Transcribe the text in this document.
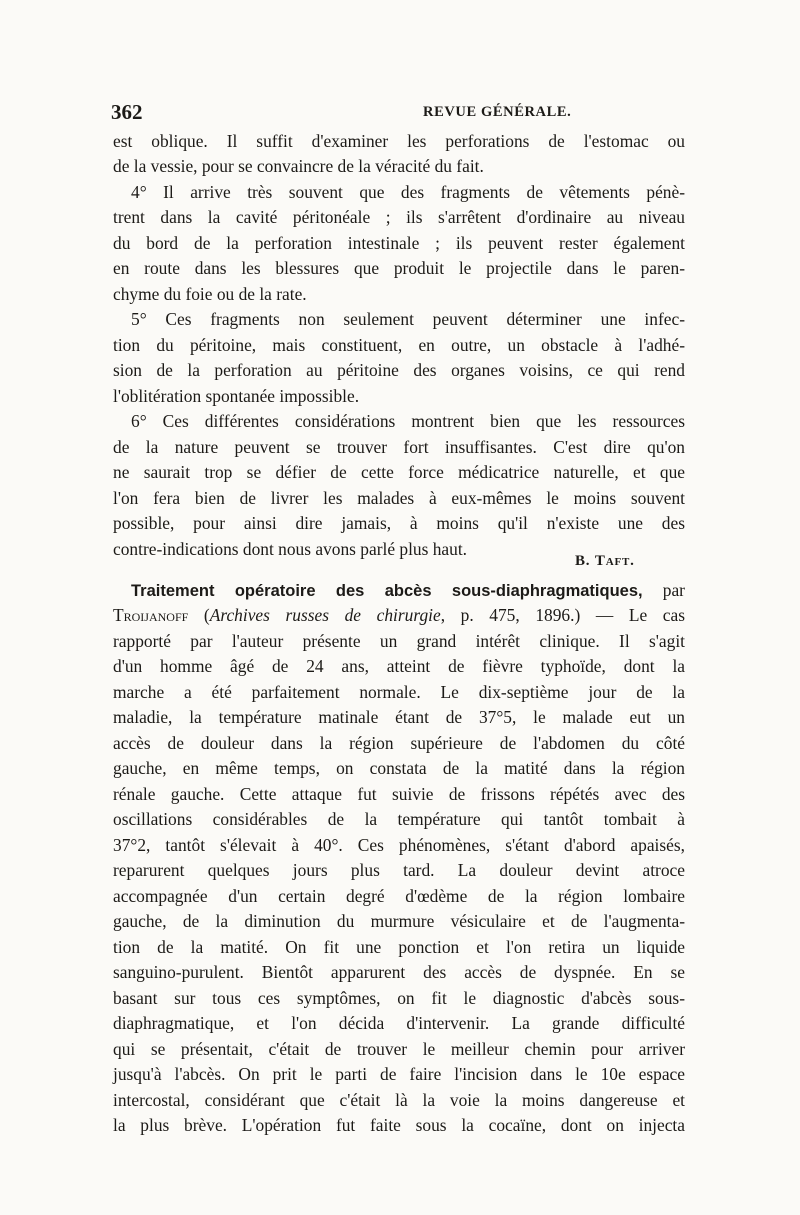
362	REVUE GÉNÉRALE.
est oblique. Il suffit d'examiner les perforations de l'estomac ou
de la vessie, pour se convaincre de la véracité du fait.
4° Il arrive très souvent que des fragments de vêtements pénè-
trent dans la cavité péritonéale ; ils s'arrêtent d'ordinaire au niveau
du bord de la perforation intestinale ; ils peuvent rester également
en route dans les blessures que produit le projectile dans le paren-
chyme du foie ou de la rate.
5° Ces fragments non seulement peuvent déterminer une infec-
tion du péritoine, mais constituent, en outre, un obstacle à l'adhé-
sion de la perforation au péritoine des organes voisins, ce qui rend
l'oblitération spontanée impossible.
6° Ces différentes considérations montrent bien que les ressources
de la nature peuvent se trouver fort insuffisantes. C'est dire qu'on
ne saurait trop se défier de cette force médicatrice naturelle, et que
l'on fera bien de livrer les malades à eux-mêmes le moins souvent
possible, pour ainsi dire jamais, à moins qu'il n'existe une des
contre-indications dont nous avons parlé plus haut.
B. Taft.
Traitement opératoire des abcès sous-diaphragmatiques, par
Troijanoff (Archives russes de chirurgie, p. 475, 1896.) — Le cas
rapporté par l'auteur présente un grand intérêt clinique. Il s'agit
d'un homme âgé de 24 ans, atteint de fièvre typhoïde, dont la
marche a été parfaitement normale. Le dix-septième jour de la
maladie, la température matinale étant de 37°5, le malade eut un
accès de douleur dans la région supérieure de l'abdomen du côté
gauche, en même temps, on constata de la matité dans la région
rénale gauche. Cette attaque fut suivie de frissons répétés avec des
oscillations considérables de la température qui tantôt tombait à
37°2, tantôt s'élevait à 40°. Ces phénomènes, s'étant d'abord apaisés,
reparurent quelques jours plus tard. La douleur devint atroce
accompagnée d'un certain degré d'œdème de la région lombaire
gauche, de la diminution du murmure vésiculaire et de l'augmenta-
tion de la matité. On fit une ponction et l'on retira un liquide
sanguino-purulent. Bientôt apparurent des accès de dyspnée. En se
basant sur tous ces symptômes, on fit le diagnostic d'abcès sous-
diaphragmatique, et l'on décida d'intervenir. La grande difficulté
qui se présentait, c'était de trouver le meilleur chemin pour arriver
jusqu'à l'abcès. On prit le parti de faire l'incision dans le 10e espace
intercostal, considérant que c'était là la voie la moins dangereuse et
la plus brève. L'opération fut faite sous la cocaïne, dont on injecta
